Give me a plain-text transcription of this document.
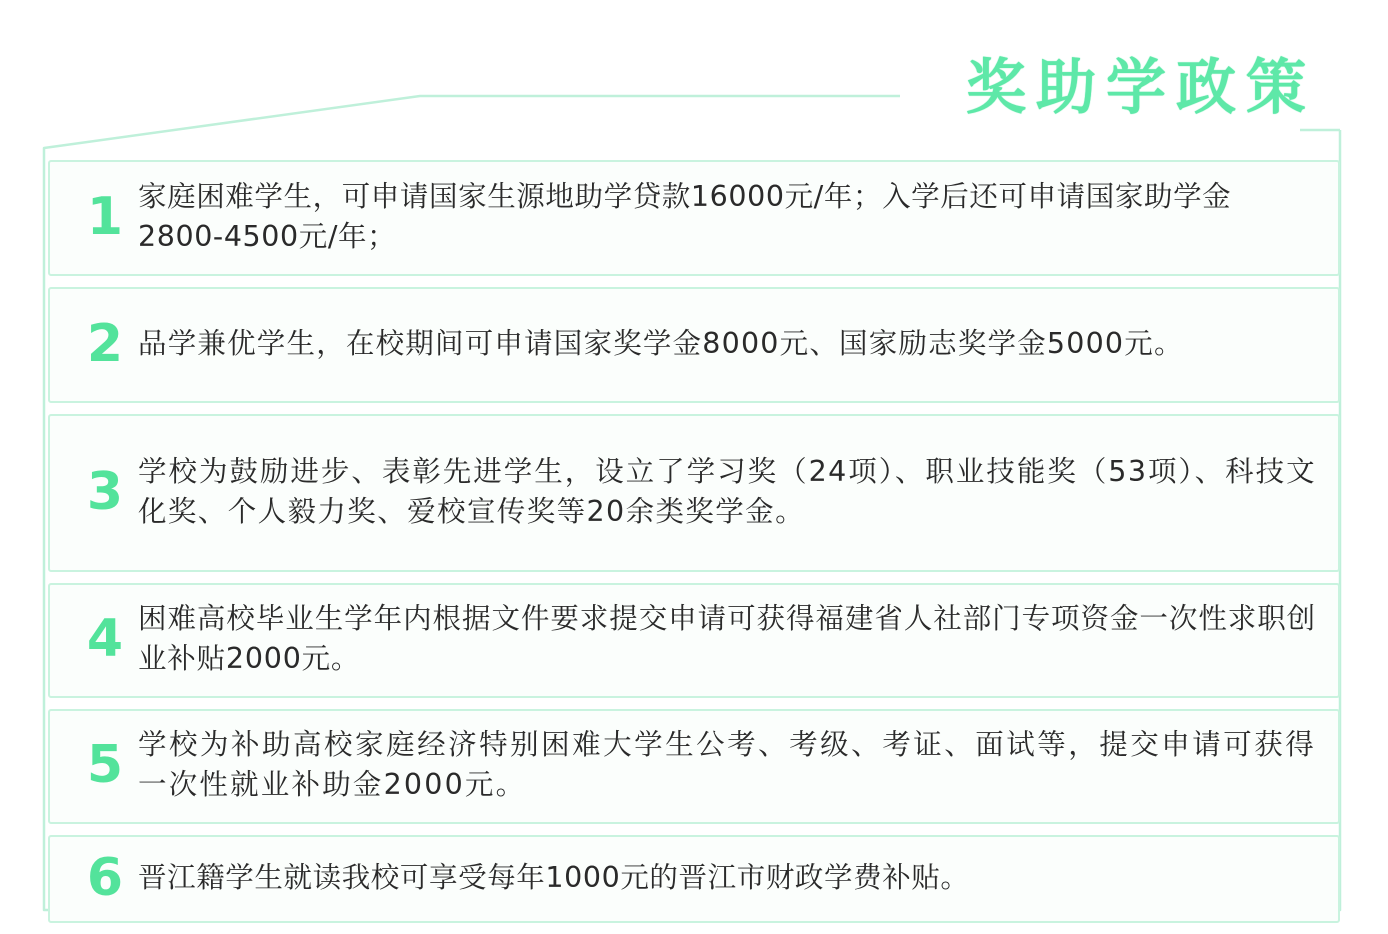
奖助学政策
1 家庭困难学生，可申请国家生源地助学贷款16000元/年；入学后还可申请国家助学金2800-4500元/年；
2 品学兼优学生，在校期间可申请国家奖学金8000元、国家励志奖学金5000元。
3 学校为鼓励进步、表彰先进学生，设立了学习奖（24项）、职业技能奖（53项）、科技文化奖、个人毅力奖、爱校宣传奖等20余类奖学金。
4 困难高校毕业生学年内根据文件要求提交申请可获得福建省人社部门专项资金一次性求职创业补贴2000元。
5 学校为补助高校家庭经济特别困难大学生公考、考级、考证、面试等，提交申请可获得一次性就业补助金2000元。
6 晋江籍学生就读我校可享受每年1000元的晋江市财政学费补贴。
